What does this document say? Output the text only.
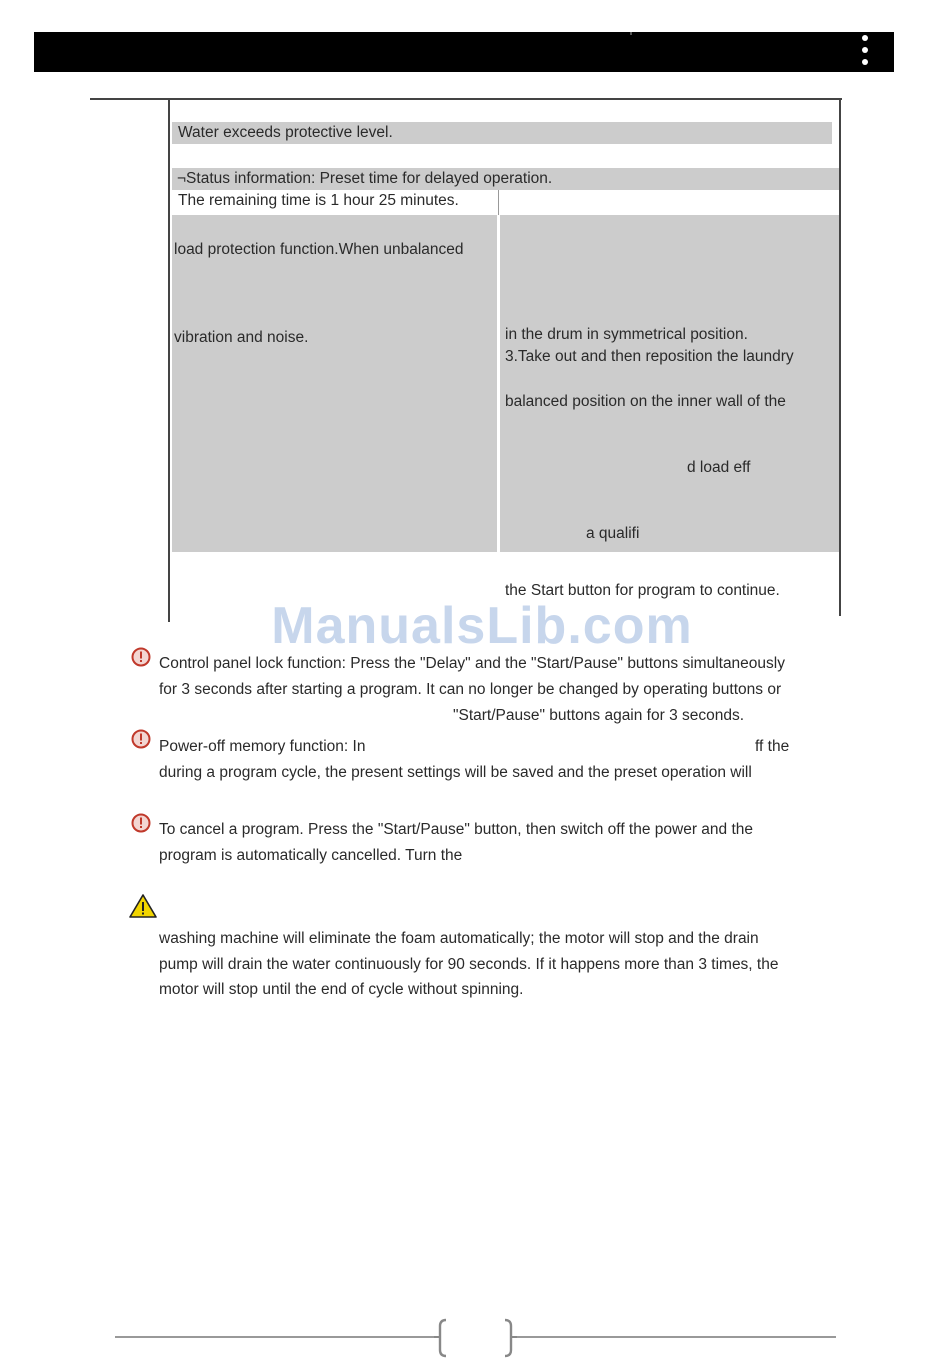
Water exceeds protective level.
¬Status information: Preset time for delayed operation.
The remaining time is 1 hour 25 minutes.
load protection function.When unbalanced
vibration and noise.	in the drum in symmetrical position.
3.Take out and then reposition the laundry
balanced position on the inner wall of the
d load eff
a qualifi
the Start button for program to continue.
ManualsLib.com
Control panel lock function: Press the "Delay" and the "Start/Pause" buttons simultaneously
for 3 seconds after starting a program. It can no longer be changed by operating buttons or
"Start/Pause" buttons again for 3 seconds.
Power-off memory function: In	ff the
during a program cycle, the present settings will be saved and the preset operation will
To cancel a program. Press the "Start/Pause" button, then switch off the power and the
program is automatically cancelled. Turn the
washing machine will eliminate the foam automatically; the motor will stop and the drain
pump will drain the water continuously for 90 seconds. If it happens more than 3 times, the
motor will stop until the end of cycle without spinning.
